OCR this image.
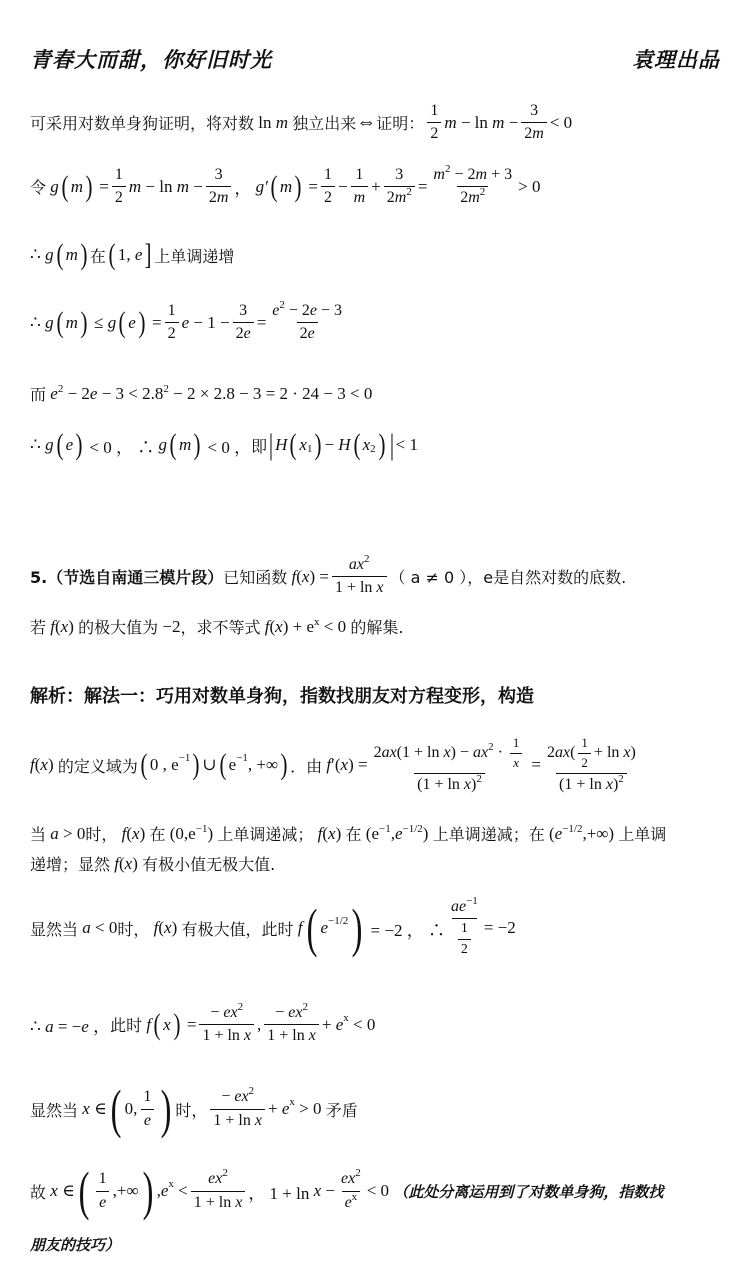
青春大而甜，你好旧时光	袁理出品
可采用对数单身狗证明，将对数 ln m 独立出来 ⇔ 证明： $\frac{1}{2}$ $m - \ln m - \frac{3}{2m} < 0$
令 g ( m ) = $\frac{1}{2}$ $m - \ln m - \frac{3}{2m}$ ， g′ ( m ) = $\frac{1}{2} - \frac{1}{m} + \frac{3}{2m^2} = \frac{m^2 - 2m + 3}{2m^2} > 0$
∴ g ( m ) 在 ( 1, e ] 上单调递增
∴ g ( m ) ≤ g ( e ) = $\frac{1}{2}$ $e - 1 - \frac{3}{2e} = \frac{e^2 - 2e - 3}{2e}$
而 $e^2 - 2e - 3 < 2.8^2 - 2 \times 2.8 - 3 = 2 \cdot 24 - 3 < 0$
∴ g ( e ) < 0 ， ∴ g ( m ) < 0 ， 即 | H ( x 1 ) − H ( x 2 ) | < 1
5.（节选自南通三模片段） 已知函数 $f(x) = \frac{ax^2}{\text{1 + ln x}}$ （ a ≠ 0 ）， e是自然对数的底数.
若 f(x) 的极大值为 −2 ，求不等式 $f(x) + e^x < 0$ 的解集.
解析：解法一：巧用对数单身狗，指数找朋友对方程变形，构造
f(x) 的定义域为 ( 0 , e −1 ) ∪ ( e −1 , +∞ ) ．由 $f'(x) = \frac{2ax(1 + \ln x) - ax^2 \cdot \frac{1}{x}}{(1 + \ln x)^2} = \frac{2ax( \frac{1}{2} + \ln x)}{(1 + \ln x)^2}$
当 a > 0 时， f(x) 在 $(0,e^{-1})$ 上单调递减； f(x) 在 $(e^{-1},e^{-1/2})$ 上单调递减；在 $(e^{-1/2},+\infty)$ 上单调
递增；显然 f(x) 有极小值无极大值.
显然当 a < 0 时， f(x) 有极大值，此时 f ( e −1/2 ) = −2 ， ∴ $\frac{ae^{-1}}{\frac{1}{2}} = -2$
∴ a = −e ， 此时 f ( x ) = $\frac{- ex^2}{\text{1 + ln x}}$ , $\frac{- ex^2}{\text{1 + ln x}} + e$ x < 0
显然当 x ∈ ( 0, $\frac{1}{e}$ ) 时， $\frac{- ex^2}{\text{1 + ln x}} + e$ x > 0 矛盾
故 x ∈ ( $\frac{1}{e}$ ,+∞ ) , e $x < \frac{ex^2}{\text{1 + ln x}}$ ， $1 + \ln x - \frac{ex^2}{e^x} < 0$ （此处分离运用到了对数单身狗，指数找
朋友的技巧）
